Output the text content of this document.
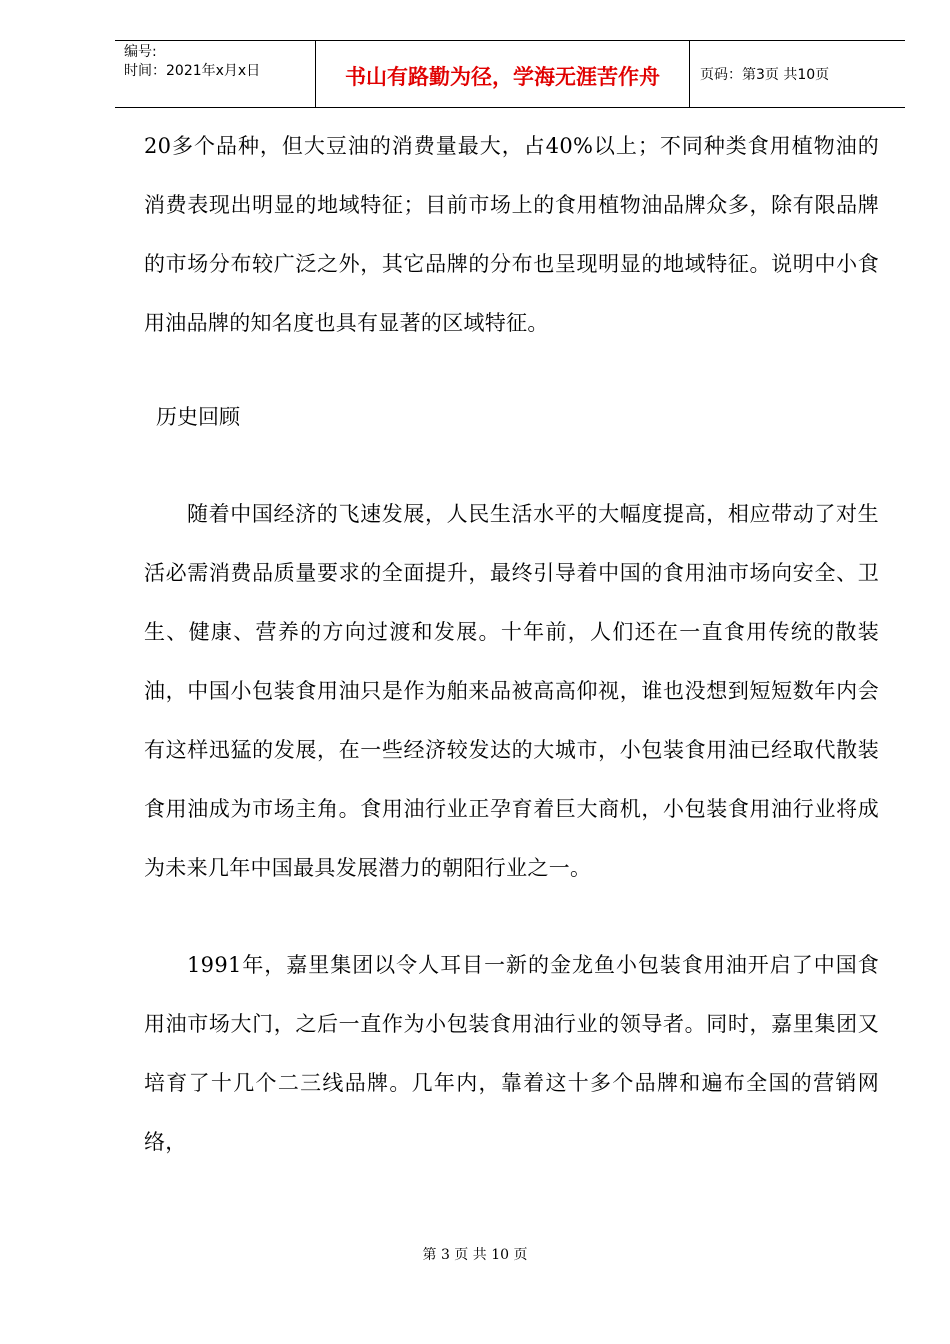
编号:
时间：2021年x月x日	书山有路勤为径，学海无涯苦作舟	页码：第3页 共10页

20多个品种，但大豆油的消费量最大，占40%以上；不同种类食用植物油的消费表现出明显的地域特征；目前市场上的食用植物油品牌众多，除有限品牌的市场分布较广泛之外，其它品牌的分布也呈现明显的地域特征。说明中小食用油品牌的知名度也具有显著的区域特征。

历史回顾

随着中国经济的飞速发展，人民生活水平的大幅度提高，相应带动了对生活必需消费品质量要求的全面提升，最终引导着中国的食用油市场向安全、卫生、健康、营养的方向过渡和发展。十年前，人们还在一直食用传统的散装油，中国小包装食用油只是作为舶来品被高高仰视，谁也没想到短短数年内会有这样迅猛的发展，在一些经济较发达的大城市，小包装食用油已经取代散装食用油成为市场主角。食用油行业正孕育着巨大商机，小包装食用油行业将成为未来几年中国最具发展潜力的朝阳行业之一。

1991年，嘉里集团以令人耳目一新的金龙鱼小包装食用油开启了中国食用油市场大门，之后一直作为小包装食用油行业的领导者。同时，嘉里集团又培育了十几个二三线品牌。几年内，靠着这十多个品牌和遍布全国的营销网络，

第 3 页 共 10 页
